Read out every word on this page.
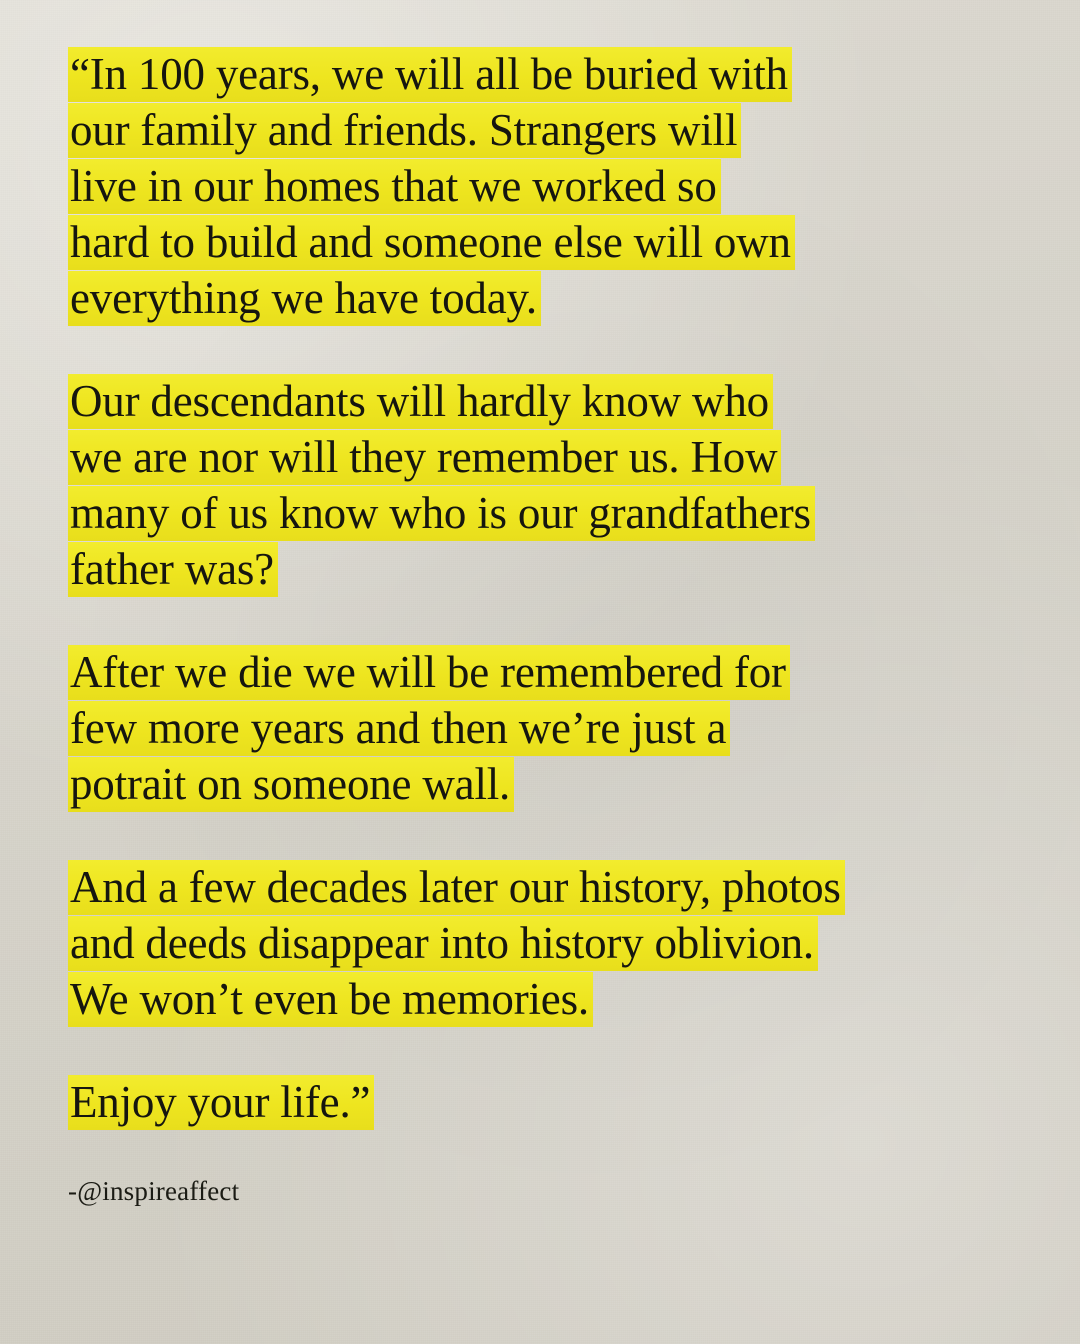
“In 100 years, we will all be buried with
our family and friends. Strangers will
live in our homes that we worked so
hard to build and someone else will own
everything we have today.

Our descendants will hardly know who
we are nor will they remember us. How
many of us know who is our grandfathers
father was?

After we die we will be remembered for
few more years and then we’re just a
potrait on someone wall.

And a few decades later our history, photos
and deeds disappear into history oblivion.
We won’t even be memories.

Enjoy your life.”

-@inspireaffect
